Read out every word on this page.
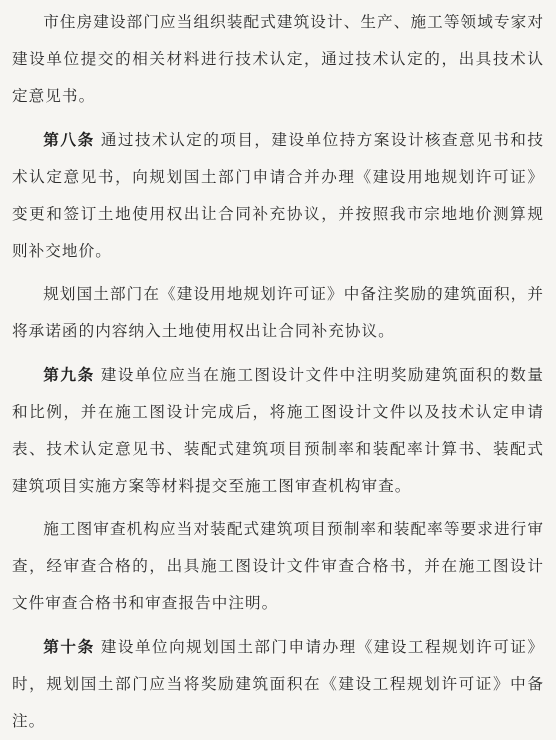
市住房建设部门应当组织装配式建筑设计、生产、施工等领域专家对建设单位提交的相关材料进行技术认定，通过技术认定的，出具技术认定意见书。

第八条 通过技术认定的项目，建设单位持方案设计核查意见书和技术认定意见书，向规划国土部门申请合并办理《建设用地规划许可证》变更和签订土地使用权出让合同补充协议，并按照我市宗地地价测算规则补交地价。

规划国土部门在《建设用地规划许可证》中备注奖励的建筑面积，并将承诺函的内容纳入土地使用权出让合同补充协议。

第九条 建设单位应当在施工图设计文件中注明奖励建筑面积的数量和比例，并在施工图设计完成后，将施工图设计文件以及技术认定申请表、技术认定意见书、装配式建筑项目预制率和装配率计算书、装配式建筑项目实施方案等材料提交至施工图审查机构审查。

施工图审查机构应当对装配式建筑项目预制率和装配率等要求进行审查，经审查合格的，出具施工图设计文件审查合格书，并在施工图设计文件审查合格书和审查报告中注明。

第十条 建设单位向规划国土部门申请办理《建设工程规划许可证》时，规划国土部门应当将奖励建筑面积在《建设工程规划许可证》中备注。
